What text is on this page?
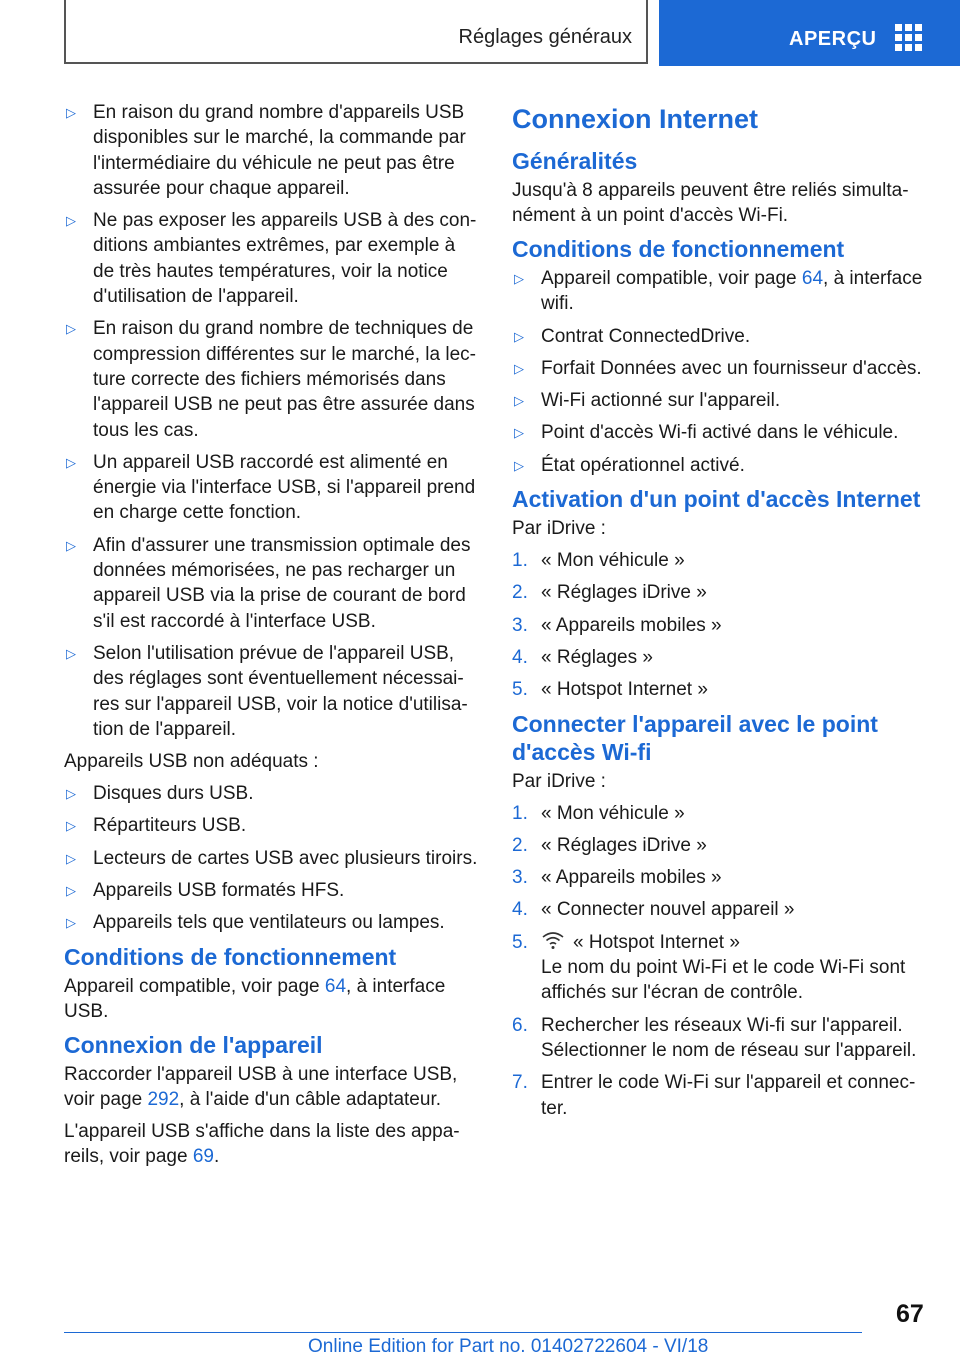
Réglages généraux	APERÇU
▷ En raison du grand nombre d'appareils USB disponibles sur le marché, la commande par l'intermédiaire du véhicule ne peut pas être assurée pour chaque appareil.
▷ Ne pas exposer les appareils USB à des conditions ambiantes extrêmes, par exemple à de très hautes températures, voir la notice d'utilisation de l'appareil.
▷ En raison du grand nombre de techniques de compression différentes sur le marché, la lecture correcte des fichiers mémorisés dans l'appareil USB ne peut pas être assurée dans tous les cas.
▷ Un appareil USB raccordé est alimenté en énergie via l'interface USB, si l'appareil prend en charge cette fonction.
▷ Afin d'assurer une transmission optimale des données mémorisées, ne pas recharger un appareil USB via la prise de courant de bord s'il est raccordé à l'interface USB.
▷ Selon l'utilisation prévue de l'appareil USB, des réglages sont éventuellement nécessaires sur l'appareil USB, voir la notice d'utilisation de l'appareil.

Appareils USB non adéquats :

▷ Disques durs USB.
▷ Répartiteurs USB.
▷ Lecteurs de cartes USB avec plusieurs tiroirs.
▷ Appareils USB formatés HFS.
▷ Appareils tels que ventilateurs ou lampes.
Conditions de fonctionnement

Appareil compatible, voir page 64, à interface USB.

Connexion de l'appareil

Raccorder l'appareil USB à une interface USB, voir page 292, à l'aide d'un câble adaptateur.

L'appareil USB s'affiche dans la liste des appareils, voir page 69.

Connexion Internet
Généralités

Jusqu'à 8 appareils peuvent être reliés simultanément à un point d'accès Wi-Fi.

Conditions de fonctionnement
▷ Appareil compatible, voir page 64, à interface wifi.
▷ Contrat ConnectedDrive.
▷ Forfait Données avec un fournisseur d'accès.
▷ Wi-Fi actionné sur l'appareil.
▷ Point d'accès Wi-fi activé dans le véhicule.
▷ État opérationnel activé.
Activation d'un point d'accès Internet

Par iDrive :

1. « Mon véhicule »
2. « Réglages iDrive »
3. « Appareils mobiles »
4. « Réglages »
5. « Hotspot Internet »
Connecter l'appareil avec le point d'accès Wi-fi

Par iDrive :

1. « Mon véhicule »
2. « Réglages iDrive »
3. « Appareils mobiles »
4. « Connecter nouvel appareil »
5. « Hotspot Internet »
Le nom du point Wi-Fi et le code Wi-Fi sont affichés sur l'écran de contrôle.
6. Rechercher les réseaux Wi-fi sur l'appareil. Sélectionner le nom de réseau sur l'appareil.
7. Entrer le code Wi-Fi sur l'appareil et connecter.
67
Online Edition for Part no. 01402722604 - VI/18
